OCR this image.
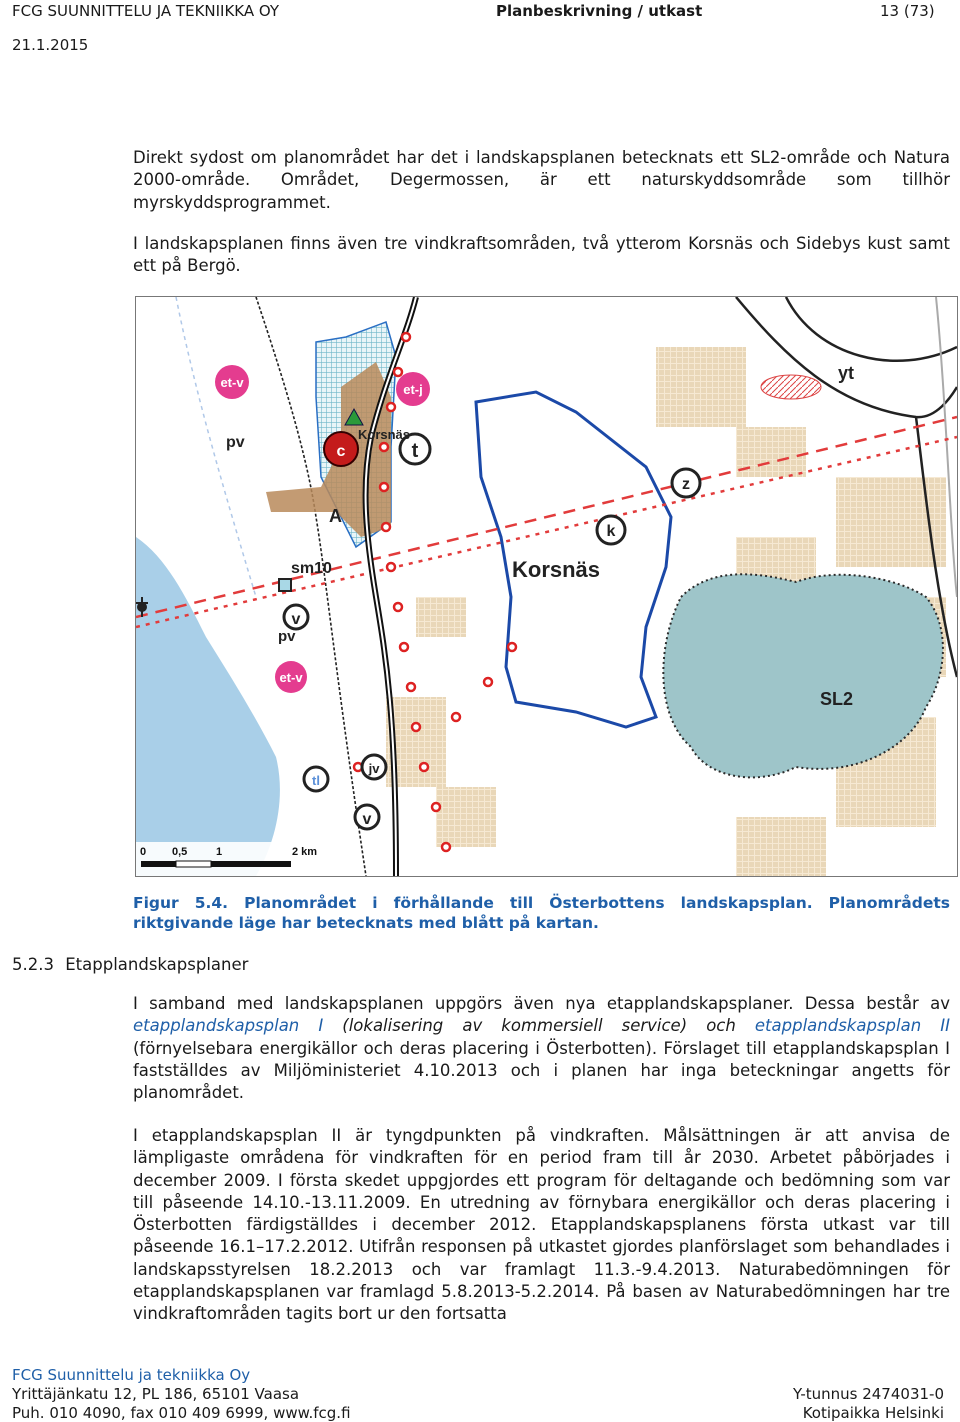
FCG SUUNNITTELU JA TEKNIIKKA OY	Planbeskrivning / utkast	13 (73)
21.1.2015
Direkt sydost om planområdet har det i landskapsplanen betecknats ett SL2-område och Natura 2000-område. Området, Degermossen, är ett naturskyddsområde som tillhör myrskyddsprogrammet.
I landskapsplanen finns även tre vindkraftsområden, två ytterom Korsnäs och Sidebys kust samt ett på Bergö.
et-v	et-j
et-v
c	t
v
v
tl
jv
z
k
pv	Korsnäs
A
sm10
pv
Korsnäs
SL2
yt
0 0,5	1	2 km
Figur 5.4. Planområdet i förhållande till Österbottens landskapsplan. Planområdets riktgivande läge har betecknats med blått på kartan.
5.2.3 Etapplandskapsplaner
I samband med landskapsplanen uppgörs även nya etapplandskapsplaner. Dessa består av etapplandskapsplan I (lokalisering av kommersiell service) och etapplandskapsplan II (förnyelsebara energikällor och deras placering i Österbotten). Förslaget till etapplandskapsplan I fastställdes av Miljöministeriet 4.10.2013 och i planen har inga beteckningar angetts för planområdet.
I etapplandskapsplan II är tyngdpunkten på vindkraften. Målsättningen är att anvisa de lämpligaste områdena för vindkraften för en period fram till år 2030. Arbetet påbörjades i december 2009. I första skedet uppgjordes ett program för deltagande och bedömning som var till påseende 14.10.-13.11.2009. En utredning av förnybara energikällor och deras placering i Österbotten färdigställdes i december 2012. Etapplandskapsplanens första utkast var till påseende 16.1–17.2.2012. Utifrån responsen på utkastet gjordes planförslaget som behandlades i landskapsstyrelsen 18.2.2013 och var framlagt 11.3.-9.4.2013. Naturabedömningen för etapplandskapsplanen var framlagd 5.8.2013-5.2.2014. På basen av Naturabedömningen har tre vindkraftområden tagits bort ur den fortsatta
FCG Suunnittelu ja tekniikka Oy
Yrittäjänkatu 12, PL 186, 65101 Vaasa
Puh. 010 4090, fax 010 409 6999, www.fcg.fi
Y-tunnus 2474031-0
Kotipaikka Helsinki
